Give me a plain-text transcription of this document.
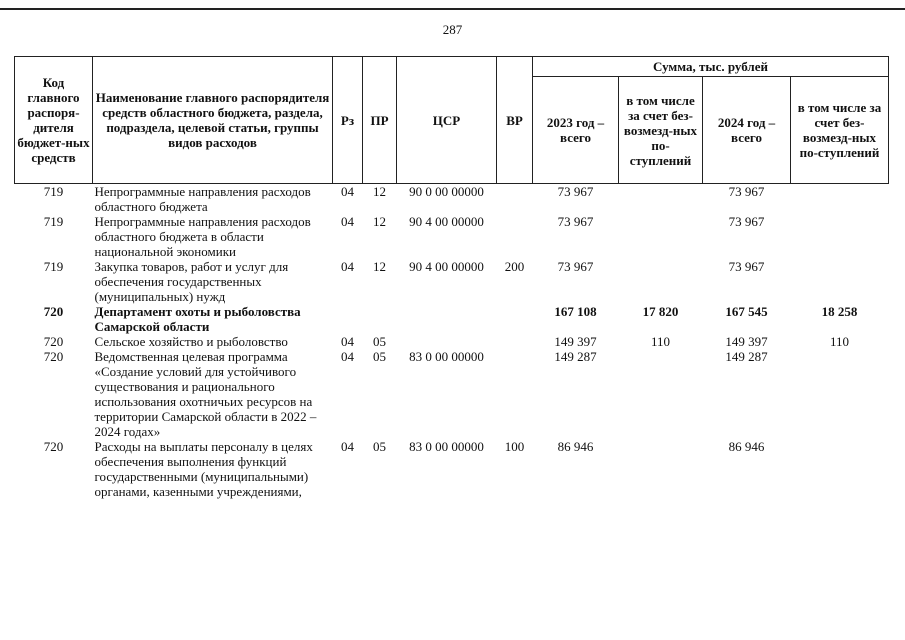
287
Код главного распоря-дителя бюджет-ных средств	Наименование главного распорядителя средств областного бюджета, раздела, подраздела, целевой статьи, группы видов расходов	Рз	ПР	ЦСР	ВР	Сумма, тыс. рублей			
						2023 год – всего	в том числе за счет без-возмезд-ных по-ступлений	2024 год – всего	в том числе за счет без-возмезд-ных по-ступлений
719	Непрограммные направления расходов областного бюджета	04	12	90 0 00 00000		73 967		73 967	
719	Непрограммные направления расходов областного бюджета в области национальной экономики	04	12	90 4 00 00000		73 967		73 967	
719	Закупка товаров, работ и услуг для обеспечения государственных (муниципальных) нужд	04	12	90 4 00 00000	200	73 967		73 967	
720	Департамент охоты и рыболовства Самарской области					167 108	17 820	167 545	18 258
720	Сельское хозяйство и рыболовство	04	05			149 397	110	149 397	110
720	Ведомственная целевая программа «Создание условий для устойчивого существования и рационального использования охотничьих ресурсов на территории Самарской области в 2022 – 2024 годах»	04	05	83 0 00 00000		149 287		149 287	
720	Расходы на выплаты персоналу в целях обеспечения выполнения функций государственными (муниципальными) органами, казенными учреждениями,	04	05	83 0 00 00000	100	86 946		86 946	
